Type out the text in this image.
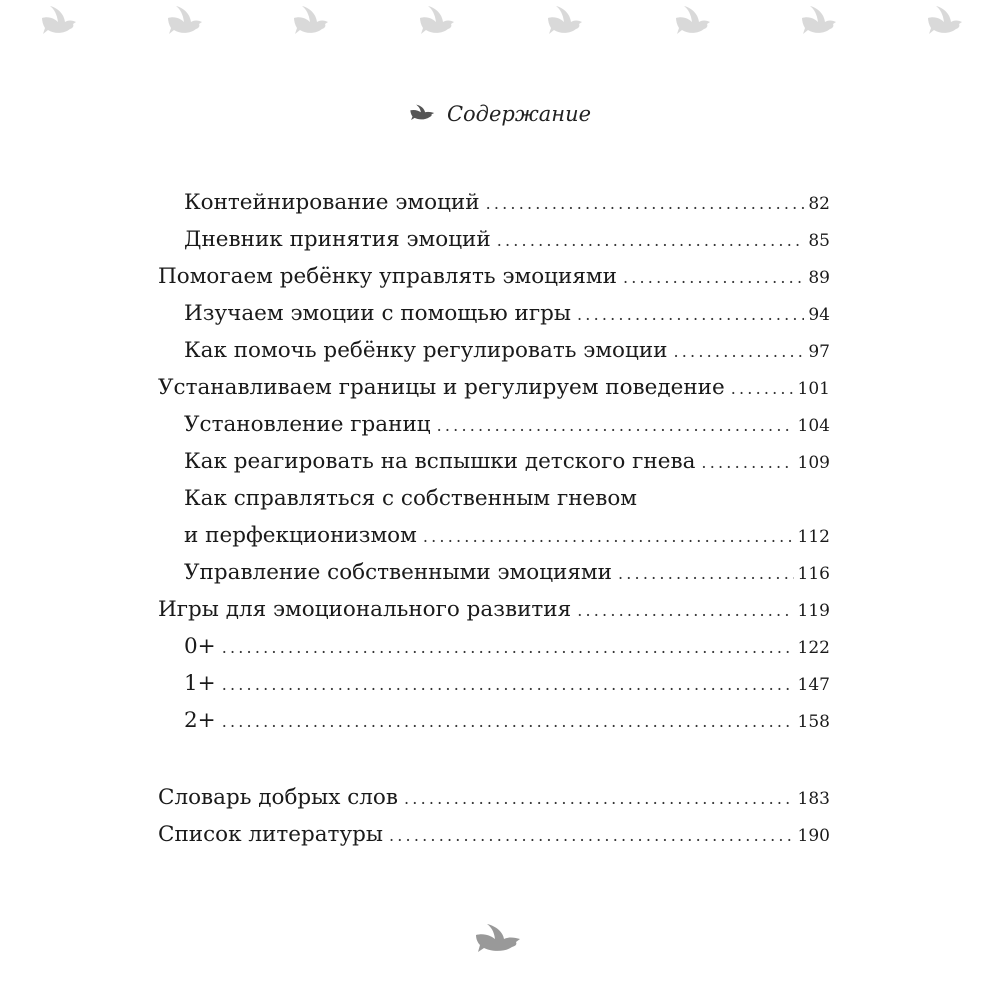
Содержание
Контейнирование эмоций .....	82
Дневник принятия эмоций .....	85
Помогаем ребёнку управлять эмоциями .....	89
Изучаем эмоции с помощью игры .....	94
Как помочь ребёнку регулировать эмоции .....	97
Устанавливаем границы и регулируем поведение .....	101
Установление границ .....	104
Как реагировать на вспышки детского гнева .....	109
Как справляться с собственным гневом
и перфекционизмом .....	112
Управление собственными эмоциями .....	116
Игры для эмоционального развития .....	119
0+ .....	122
1+ .....	147
2+ .....	158
Словарь добрых слов .....	183
Список литературы .....	190
